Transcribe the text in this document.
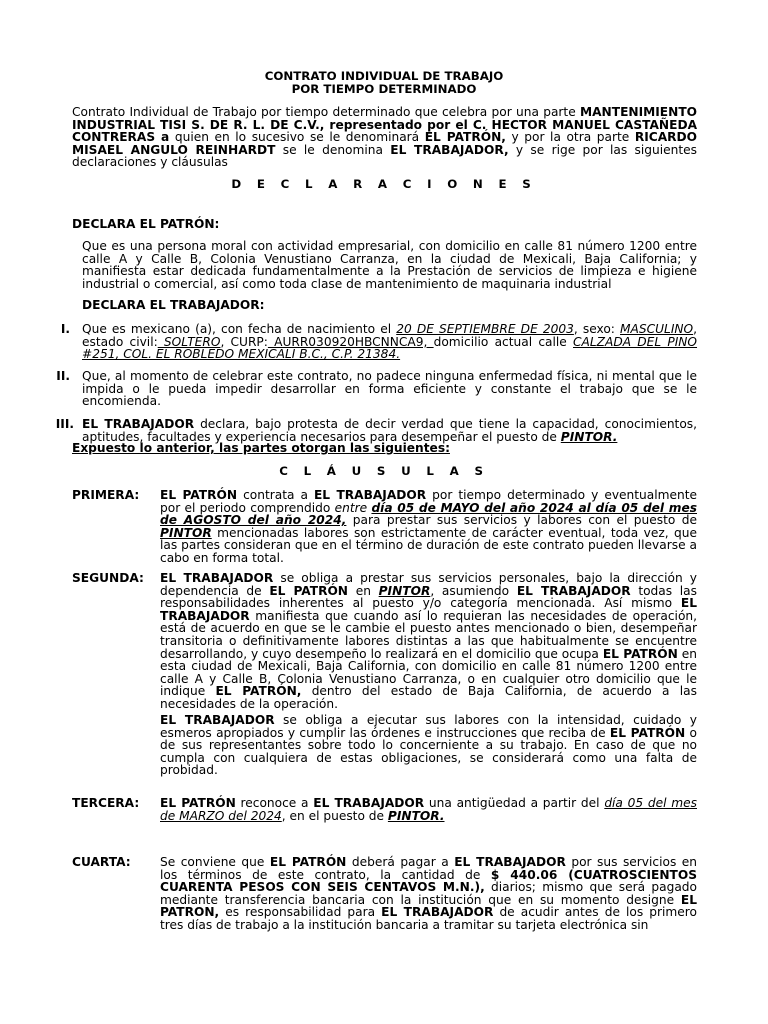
CONTRATO INDIVIDUAL DE TRABAJO
POR TIEMPO DETERMINADO
Contrato Individual de Trabajo por tiempo determinado que celebra por una parte MANTENIMIENTO INDUSTRIAL TISI S. DE R. L. DE C.V., representado por el C. HECTOR MANUEL CASTAÑEDA CONTRERAS a quien en lo sucesivo se le denominará EL PATRÓN, y por la otra parte RICARDO MISAEL ANGULO REINHARDT se le denomina EL TRABAJADOR, y se rige por las siguientes declaraciones y cláusulas
D E C L A R A C I O N E S
DECLARA EL PATRÓN:
Que es una persona moral con actividad empresarial, con domicilio en calle 81 número 1200 entre calle A y Calle B, Colonia Venustiano Carranza, en la ciudad de Mexicali, Baja California; y manifiesta estar dedicada fundamentalmente a la Prestación de servicios de limpieza e higiene industrial o comercial, así como toda clase de mantenimiento de maquinaria industrial
DECLARA EL TRABAJADOR:
I. Que es mexicano (a), con fecha de nacimiento el 20 DE SEPTIEMBRE DE 2003, sexo: MASCULINO, estado civil: SOLTERO, CURP: AURR030920HBCNNCA9, domicilio actual calle CALZADA DEL PINO #251, COL. EL ROBLEDO MEXICALI B.C., C.P. 21384.
II. Que, al momento de celebrar este contrato, no padece ninguna enfermedad física, ni mental que le impida o le pueda impedir desarrollar en forma eficiente y constante el trabajo que se le encomienda.
III. EL TRABAJADOR declara, bajo protesta de decir verdad que tiene la capacidad, conocimientos, aptitudes, facultades y experiencia necesarios para desempeñar el puesto de PINTOR.
Expuesto lo anterior, las partes otorgan las siguientes:
C L Á U S U L A S
PRIMERA: EL PATRÓN contrata a EL TRABAJADOR por tiempo determinado y eventualmente por el periodo comprendido entre día 05 de MAYO del año 2024 al día 05 del mes de AGOSTO del año 2024, para prestar sus servicios y labores con el puesto de PINTOR mencionadas labores son estrictamente de carácter eventual, toda vez, que las partes consideran que en el término de duración de este contrato pueden llevarse a cabo en forma total.
SEGUNDA: EL TRABAJADOR se obliga a prestar sus servicios personales, bajo la dirección y dependencia de EL PATRÓN en PINTOR, asumiendo EL TRABAJADOR todas las responsabilidades inherentes al puesto y/o categoría mencionada. Así mismo EL TRABAJADOR manifiesta que cuando así lo requieran las necesidades de operación, está de acuerdo en que se le cambie el puesto antes mencionado o bien, desempeñar transitoria o definitivamente labores distintas a las que habitualmente se encuentre desarrollando, y cuyo desempeño lo realizará en el domicilio que ocupa EL PATRÓN en esta ciudad de Mexicali, Baja California, con domicilio en calle 81 número 1200 entre calle A y Calle B, Colonia Venustiano Carranza, o en cualquier otro domicilio que le indique EL PATRÓN, dentro del estado de Baja California, de acuerdo a las necesidades de la operación.
EL TRABAJADOR se obliga a ejecutar sus labores con la intensidad, cuidado y esmeros apropiados y cumplir las órdenes e instrucciones que reciba de EL PATRÓN o de sus representantes sobre todo lo concerniente a su trabajo. En caso de que no cumpla con cualquiera de estas obligaciones, se considerará como una falta de probidad.
TERCERA: EL PATRÓN reconoce a EL TRABAJADOR una antigüedad a partir del día 05 del mes de MARZO del 2024, en el puesto de PINTOR.
CUARTA: Se conviene que EL PATRÓN deberá pagar a EL TRABAJADOR por sus servicios en los términos de este contrato, la cantidad de $ 440.06 (CUATROSCIENTOS CUARENTA PESOS CON SEIS CENTAVOS M.N.), diarios; mismo que será pagado mediante transferencia bancaria con la institución que en su momento designe EL PATRON, es responsabilidad para EL TRABAJADOR de acudir antes de los primero tres días de trabajo a la institución bancaria a tramitar su tarjeta electrónica sin
